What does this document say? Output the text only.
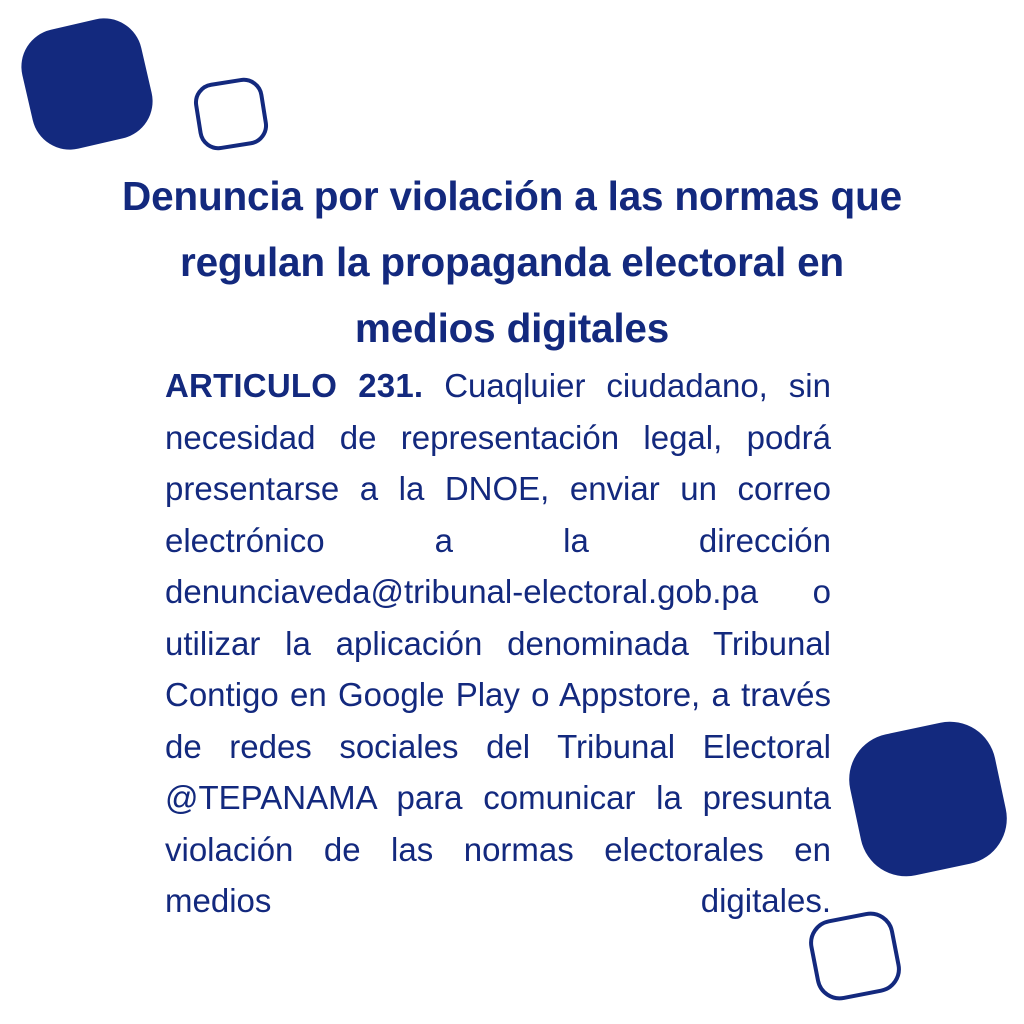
Denuncia por violación a las normas que regulan la propaganda electoral en medios digitales

ARTICULO 231. Cuaqluier ciudadano, sin necesidad de representación legal, podrá presentarse a la DNOE, enviar un correo electrónico a la dirección denunciaveda@tribunal-electoral.gob.pa o utilizar la aplicación denominada Tribunal Contigo en Google Play o Appstore, a través de redes sociales del Tribunal Electoral @TEPANAMA para comunicar la presunta violación de las normas electorales en medios digitales.
